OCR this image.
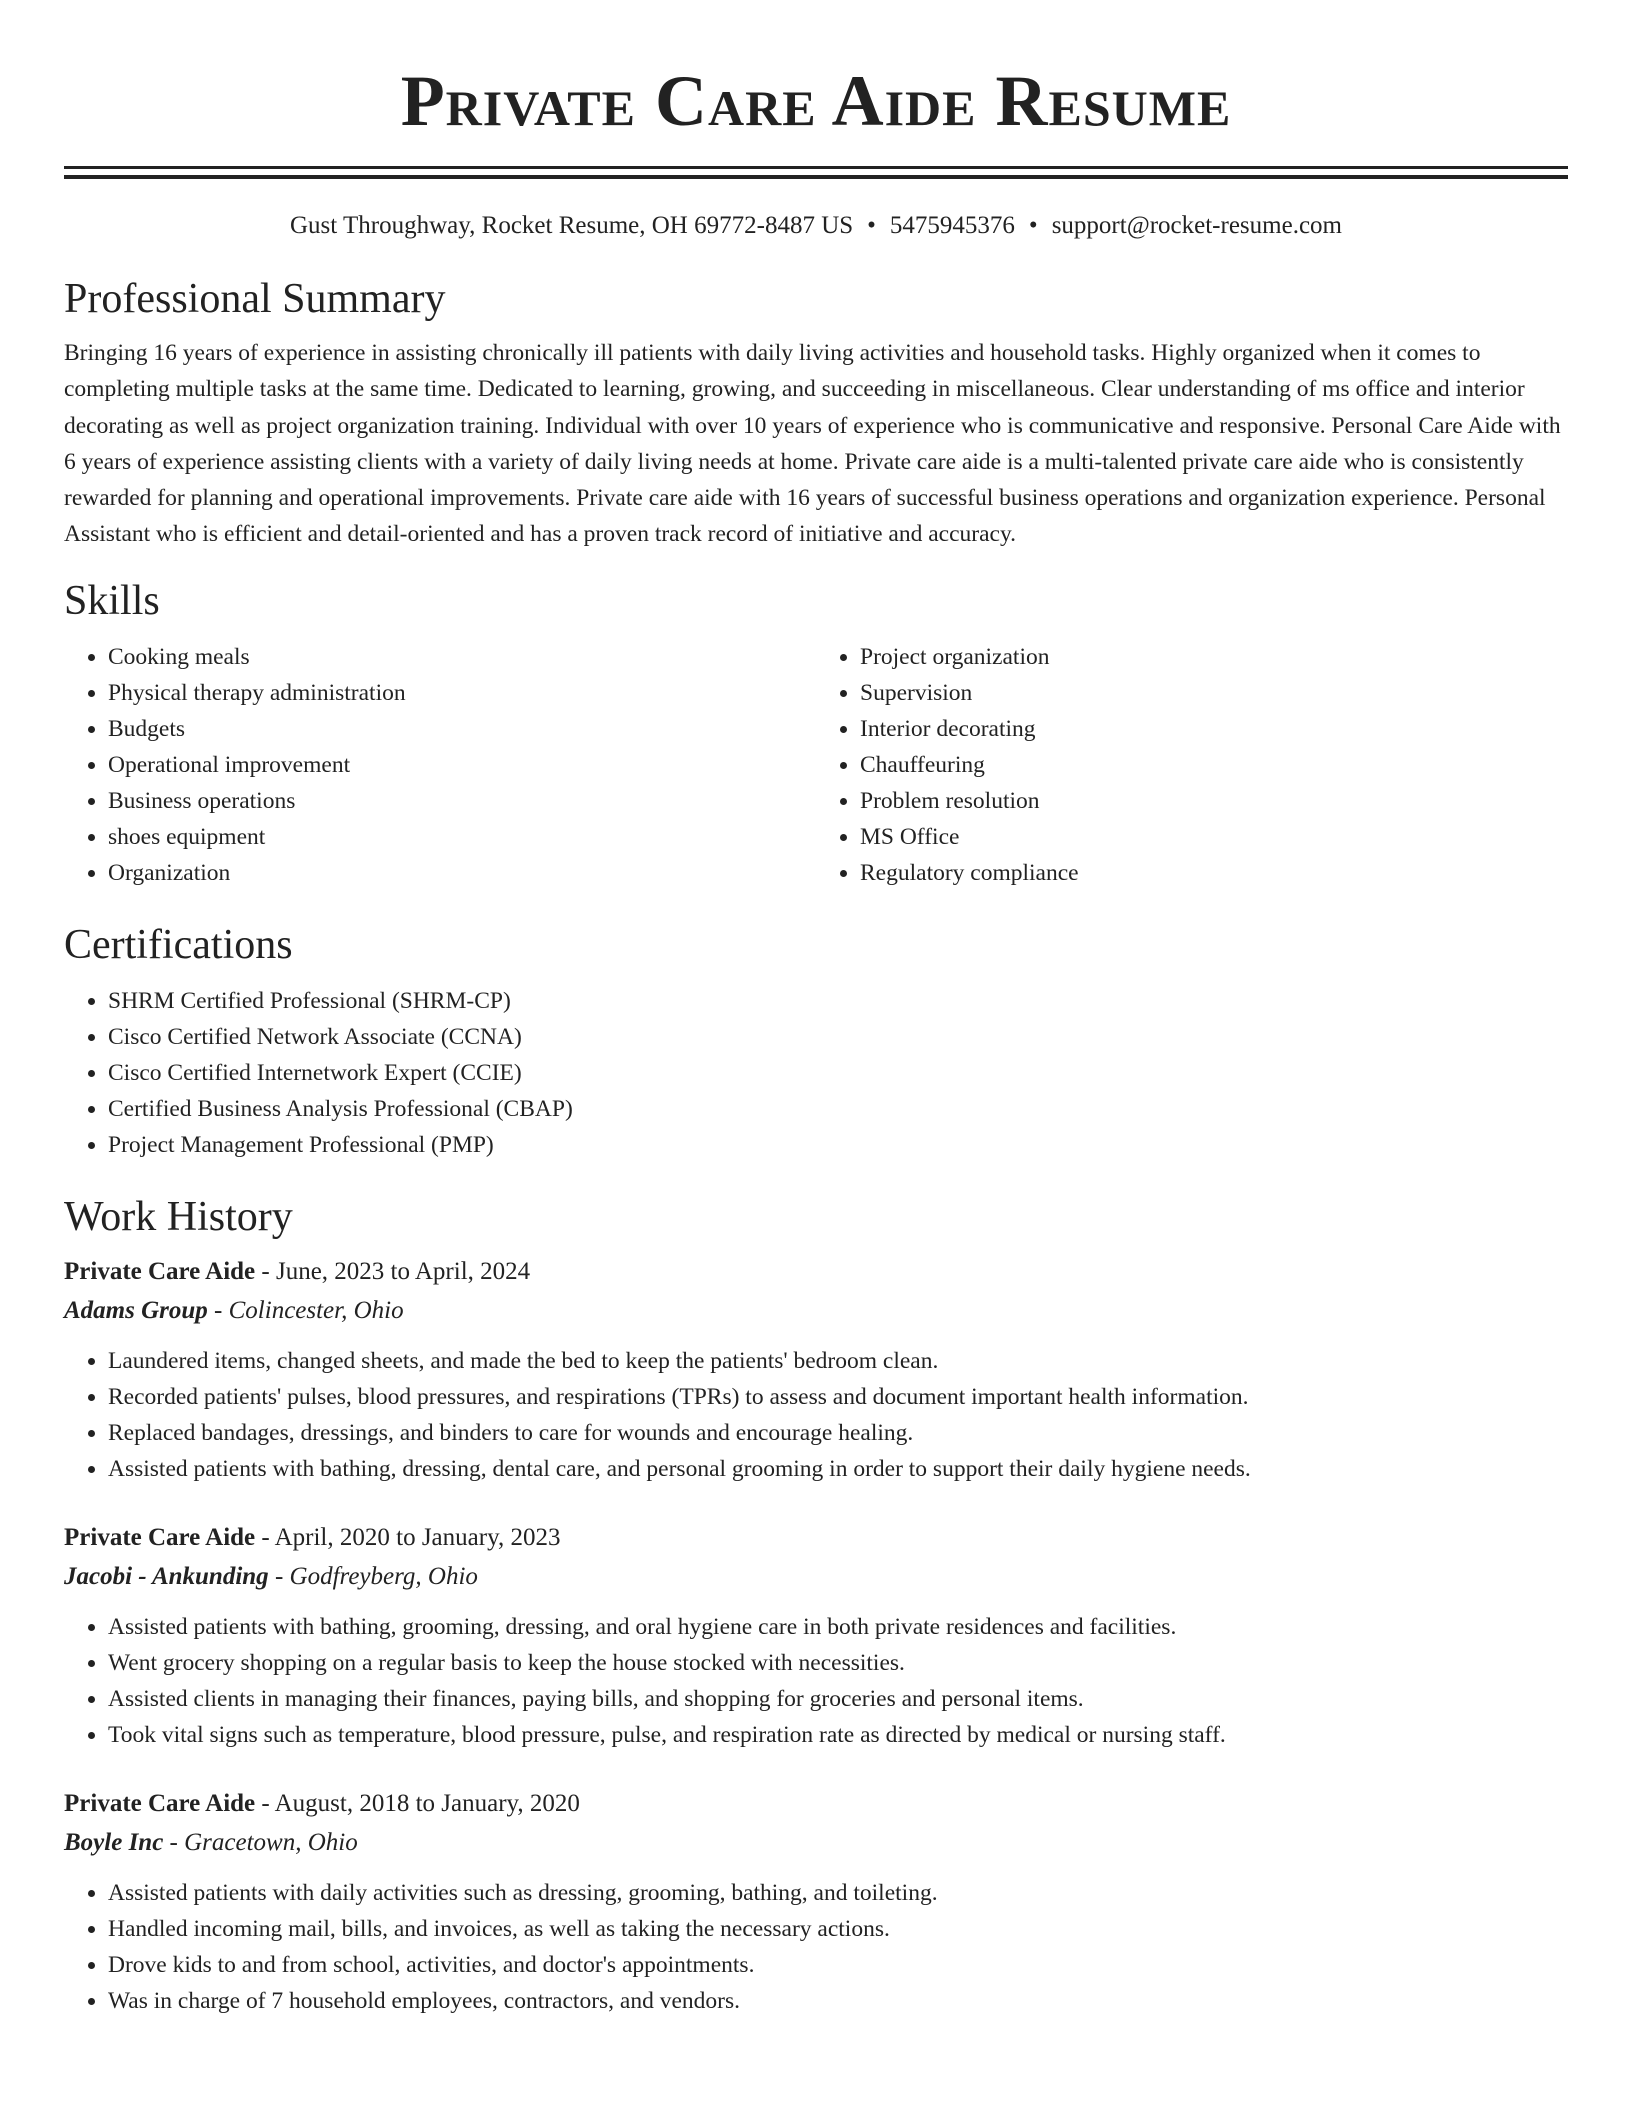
Private Care Aide Resume
Gust Throughway, Rocket Resume, OH 69772-8487 US • 5475945376 • support@rocket-resume.com
Professional Summary
Bringing 16 years of experience in assisting chronically ill patients with daily living activities and household tasks. Highly organized when it comes to completing multiple tasks at the same time. Dedicated to learning, growing, and succeeding in miscellaneous. Clear understanding of ms office and interior decorating as well as project organization training. Individual with over 10 years of experience who is communicative and responsive. Personal Care Aide with 6 years of experience assisting clients with a variety of daily living needs at home. Private care aide is a multi-talented private care aide who is consistently rewarded for planning and operational improvements. Private care aide with 16 years of successful business operations and organization experience. Personal Assistant who is efficient and detail-oriented and has a proven track record of initiative and accuracy.
Skills
• Cooking meals
• Physical therapy administration
• Budgets
• Operational improvement
• Business operations
• shoes equipment
• Organization
• Project organization
• Supervision
• Interior decorating
• Chauffeuring
• Problem resolution
• MS Office
• Regulatory compliance
Certifications
• SHRM Certified Professional (SHRM-CP)
• Cisco Certified Network Associate (CCNA)
• Cisco Certified Internetwork Expert (CCIE)
• Certified Business Analysis Professional (CBAP)
• Project Management Professional (PMP)
Work History
Private Care Aide - June, 2023 to April, 2024
Adams Group - Colincester, Ohio
• Laundered items, changed sheets, and made the bed to keep the patients' bedroom clean.
• Recorded patients' pulses, blood pressures, and respirations (TPRs) to assess and document important health information.
• Replaced bandages, dressings, and binders to care for wounds and encourage healing.
• Assisted patients with bathing, dressing, dental care, and personal grooming in order to support their daily hygiene needs.
Private Care Aide - April, 2020 to January, 2023
Jacobi - Ankunding - Godfreyberg, Ohio
• Assisted patients with bathing, grooming, dressing, and oral hygiene care in both private residences and facilities.
• Went grocery shopping on a regular basis to keep the house stocked with necessities.
• Assisted clients in managing their finances, paying bills, and shopping for groceries and personal items.
• Took vital signs such as temperature, blood pressure, pulse, and respiration rate as directed by medical or nursing staff.
Private Care Aide - August, 2018 to January, 2020
Boyle Inc - Gracetown, Ohio
• Assisted patients with daily activities such as dressing, grooming, bathing, and toileting.
• Handled incoming mail, bills, and invoices, as well as taking the necessary actions.
• Drove kids to and from school, activities, and doctor's appointments.
• Was in charge of 7 household employees, contractors, and vendors.
